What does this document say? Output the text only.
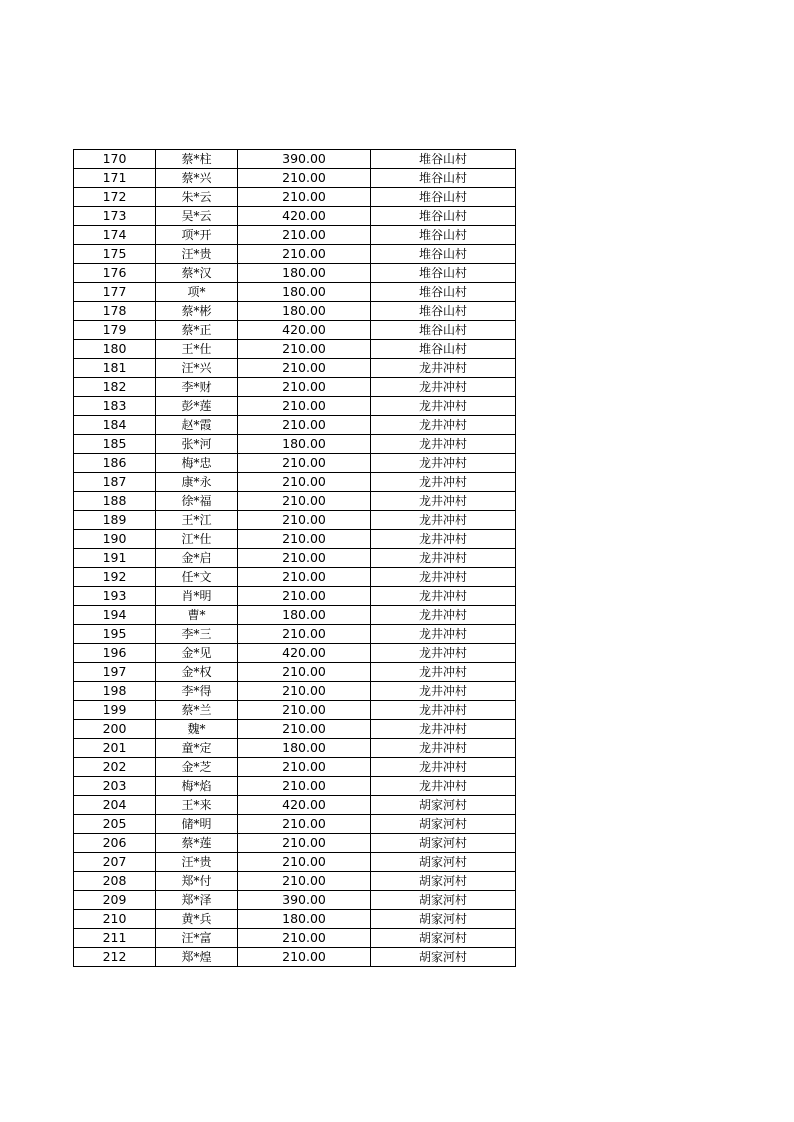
170	蔡*柱	390.00	堆谷山村
171	蔡*兴	210.00	堆谷山村
172	朱*云	210.00	堆谷山村
173	吴*云	420.00	堆谷山村
174	项*开	210.00	堆谷山村
175	汪*贵	210.00	堆谷山村
176	蔡*汉	180.00	堆谷山村
177	项*	180.00	堆谷山村
178	蔡*彬	180.00	堆谷山村
179	蔡*正	420.00	堆谷山村
180	王*仕	210.00	堆谷山村
181	汪*兴	210.00	龙井冲村
182	李*财	210.00	龙井冲村
183	彭*莲	210.00	龙井冲村
184	赵*霞	210.00	龙井冲村
185	张*河	180.00	龙井冲村
186	梅*忠	210.00	龙井冲村
187	康*永	210.00	龙井冲村
188	徐*福	210.00	龙井冲村
189	王*江	210.00	龙井冲村
190	江*仕	210.00	龙井冲村
191	金*启	210.00	龙井冲村
192	任*文	210.00	龙井冲村
193	肖*明	210.00	龙井冲村
194	曹*	180.00	龙井冲村
195	李*三	210.00	龙井冲村
196	金*见	420.00	龙井冲村
197	金*权	210.00	龙井冲村
198	李*得	210.00	龙井冲村
199	蔡*兰	210.00	龙井冲村
200	魏*	210.00	龙井冲村
201	童*定	180.00	龙井冲村
202	金*芝	210.00	龙井冲村
203	梅*焰	210.00	龙井冲村
204	王*来	420.00	胡家河村
205	储*明	210.00	胡家河村
206	蔡*莲	210.00	胡家河村
207	汪*贵	210.00	胡家河村
208	郑*付	210.00	胡家河村
209	郑*泽	390.00	胡家河村
210	黄*兵	180.00	胡家河村
211	汪*富	210.00	胡家河村
212	郑*煌	210.00	胡家河村
